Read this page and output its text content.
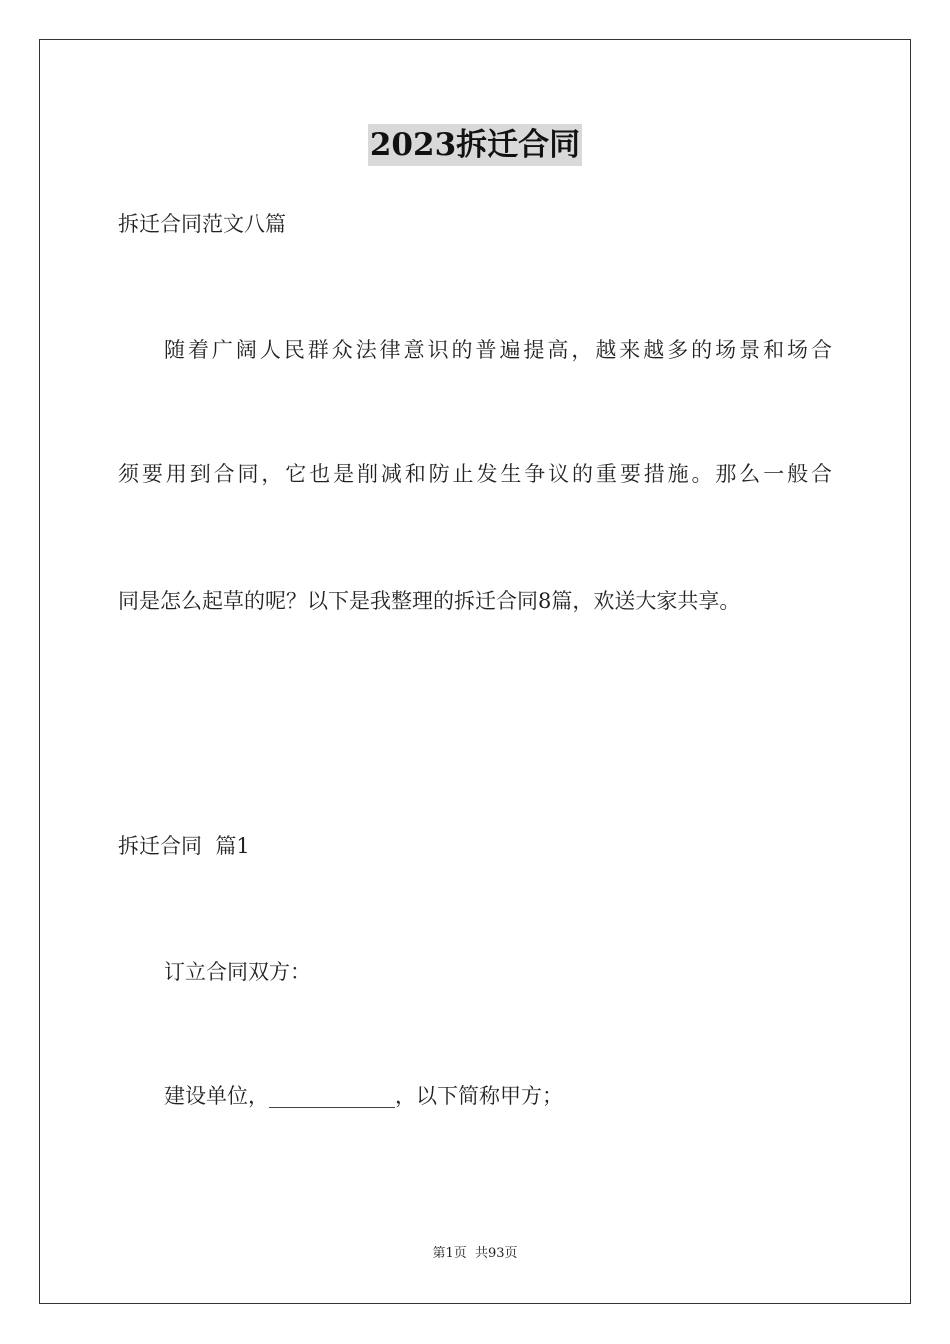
2023拆迁合同
拆迁合同范文八篇
随着广阔人民群众法律意识的普遍提高，越来越多的场景和场合
须要用到合同，它也是削减和防止发生争议的重要措施。那么一般合
同是怎么起草的呢？以下是我整理的拆迁合同8篇，欢送大家共享。
拆迁合同  篇1
订立合同双方：
建设单位，____________，以下简称甲方；
第1页  共93页
